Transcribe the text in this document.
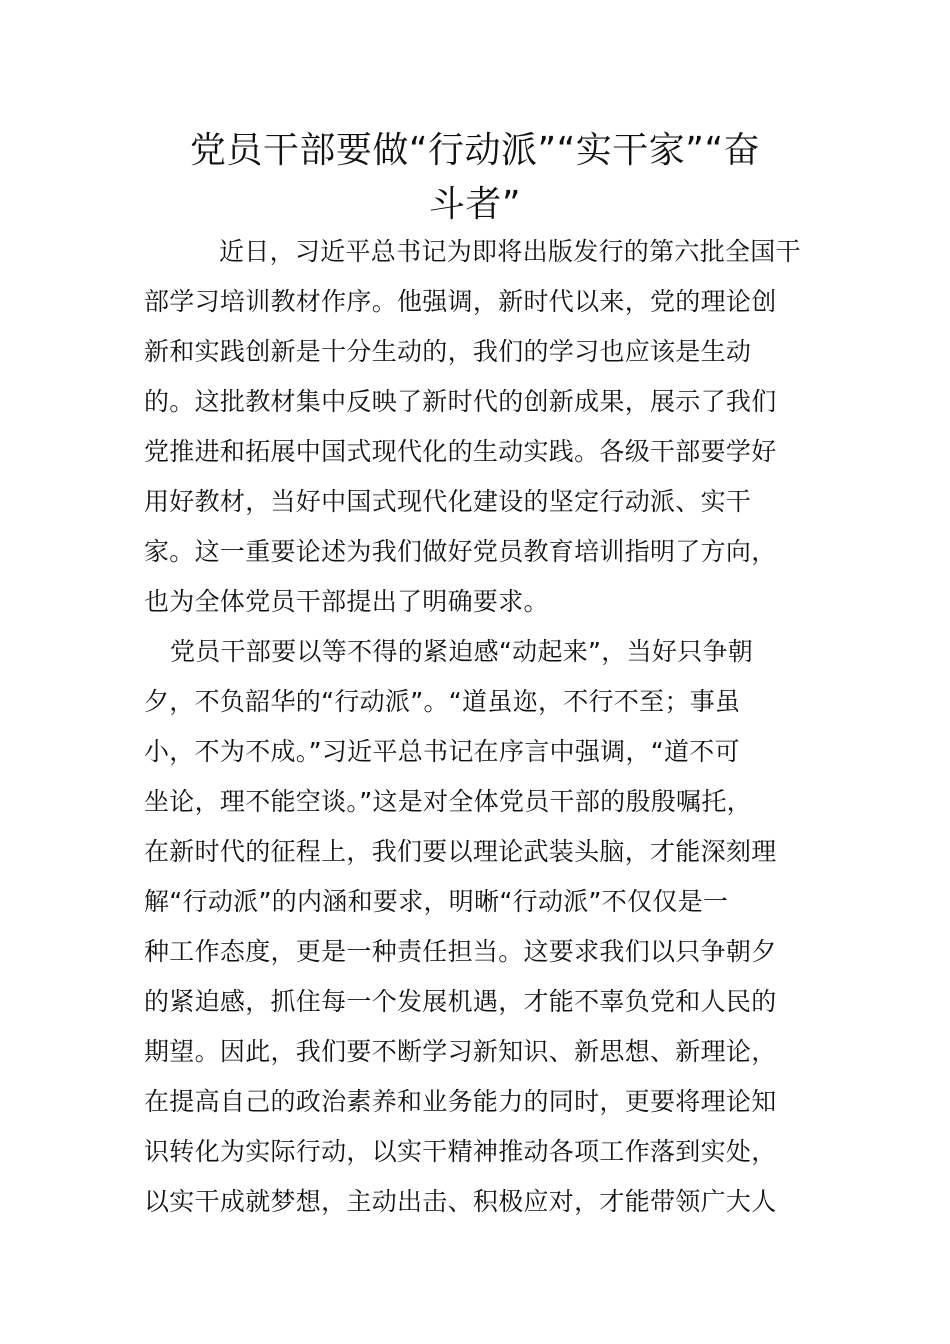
党员干部要做“行动派”“实干家”“奋
斗者”
近日，习近平总书记为即将出版发行的第六批全国干
部学习培训教材作序。他强调，新时代以来，党的理论创
新和实践创新是十分生动的，我们的学习也应该是生动
的。这批教材集中反映了新时代的创新成果，展示了我们
党推进和拓展中国式现代化的生动实践。各级干部要学好
用好教材，当好中国式现代化建设的坚定行动派、实干
家。这一重要论述为我们做好党员教育培训指明了方向，
也为全体党员干部提出了明确要求。
党员干部要以等不得的紧迫感“动起来”，当好只争朝
夕，不负韶华的“行动派”。“道虽迩，不行不至；事虽
小，不为不成。”习近平总书记在序言中强调，“道不可
坐论，理不能空谈。”这是对全体党员干部的殷殷嘱托，
在新时代的征程上，我们要以理论武装头脑，才能深刻理
解“行动派”的内涵和要求，明晰“行动派”不仅仅是一
种工作态度，更是一种责任担当。这要求我们以只争朝夕
的紧迫感，抓住每一个发展机遇，才能不辜负党和人民的
期望。因此，我们要不断学习新知识、新思想、新理论，
在提高自己的政治素养和业务能力的同时，更要将理论知
识转化为实际行动，以实干精神推动各项工作落到实处，
以实干成就梦想，主动出击、积极应对，才能带领广大人
